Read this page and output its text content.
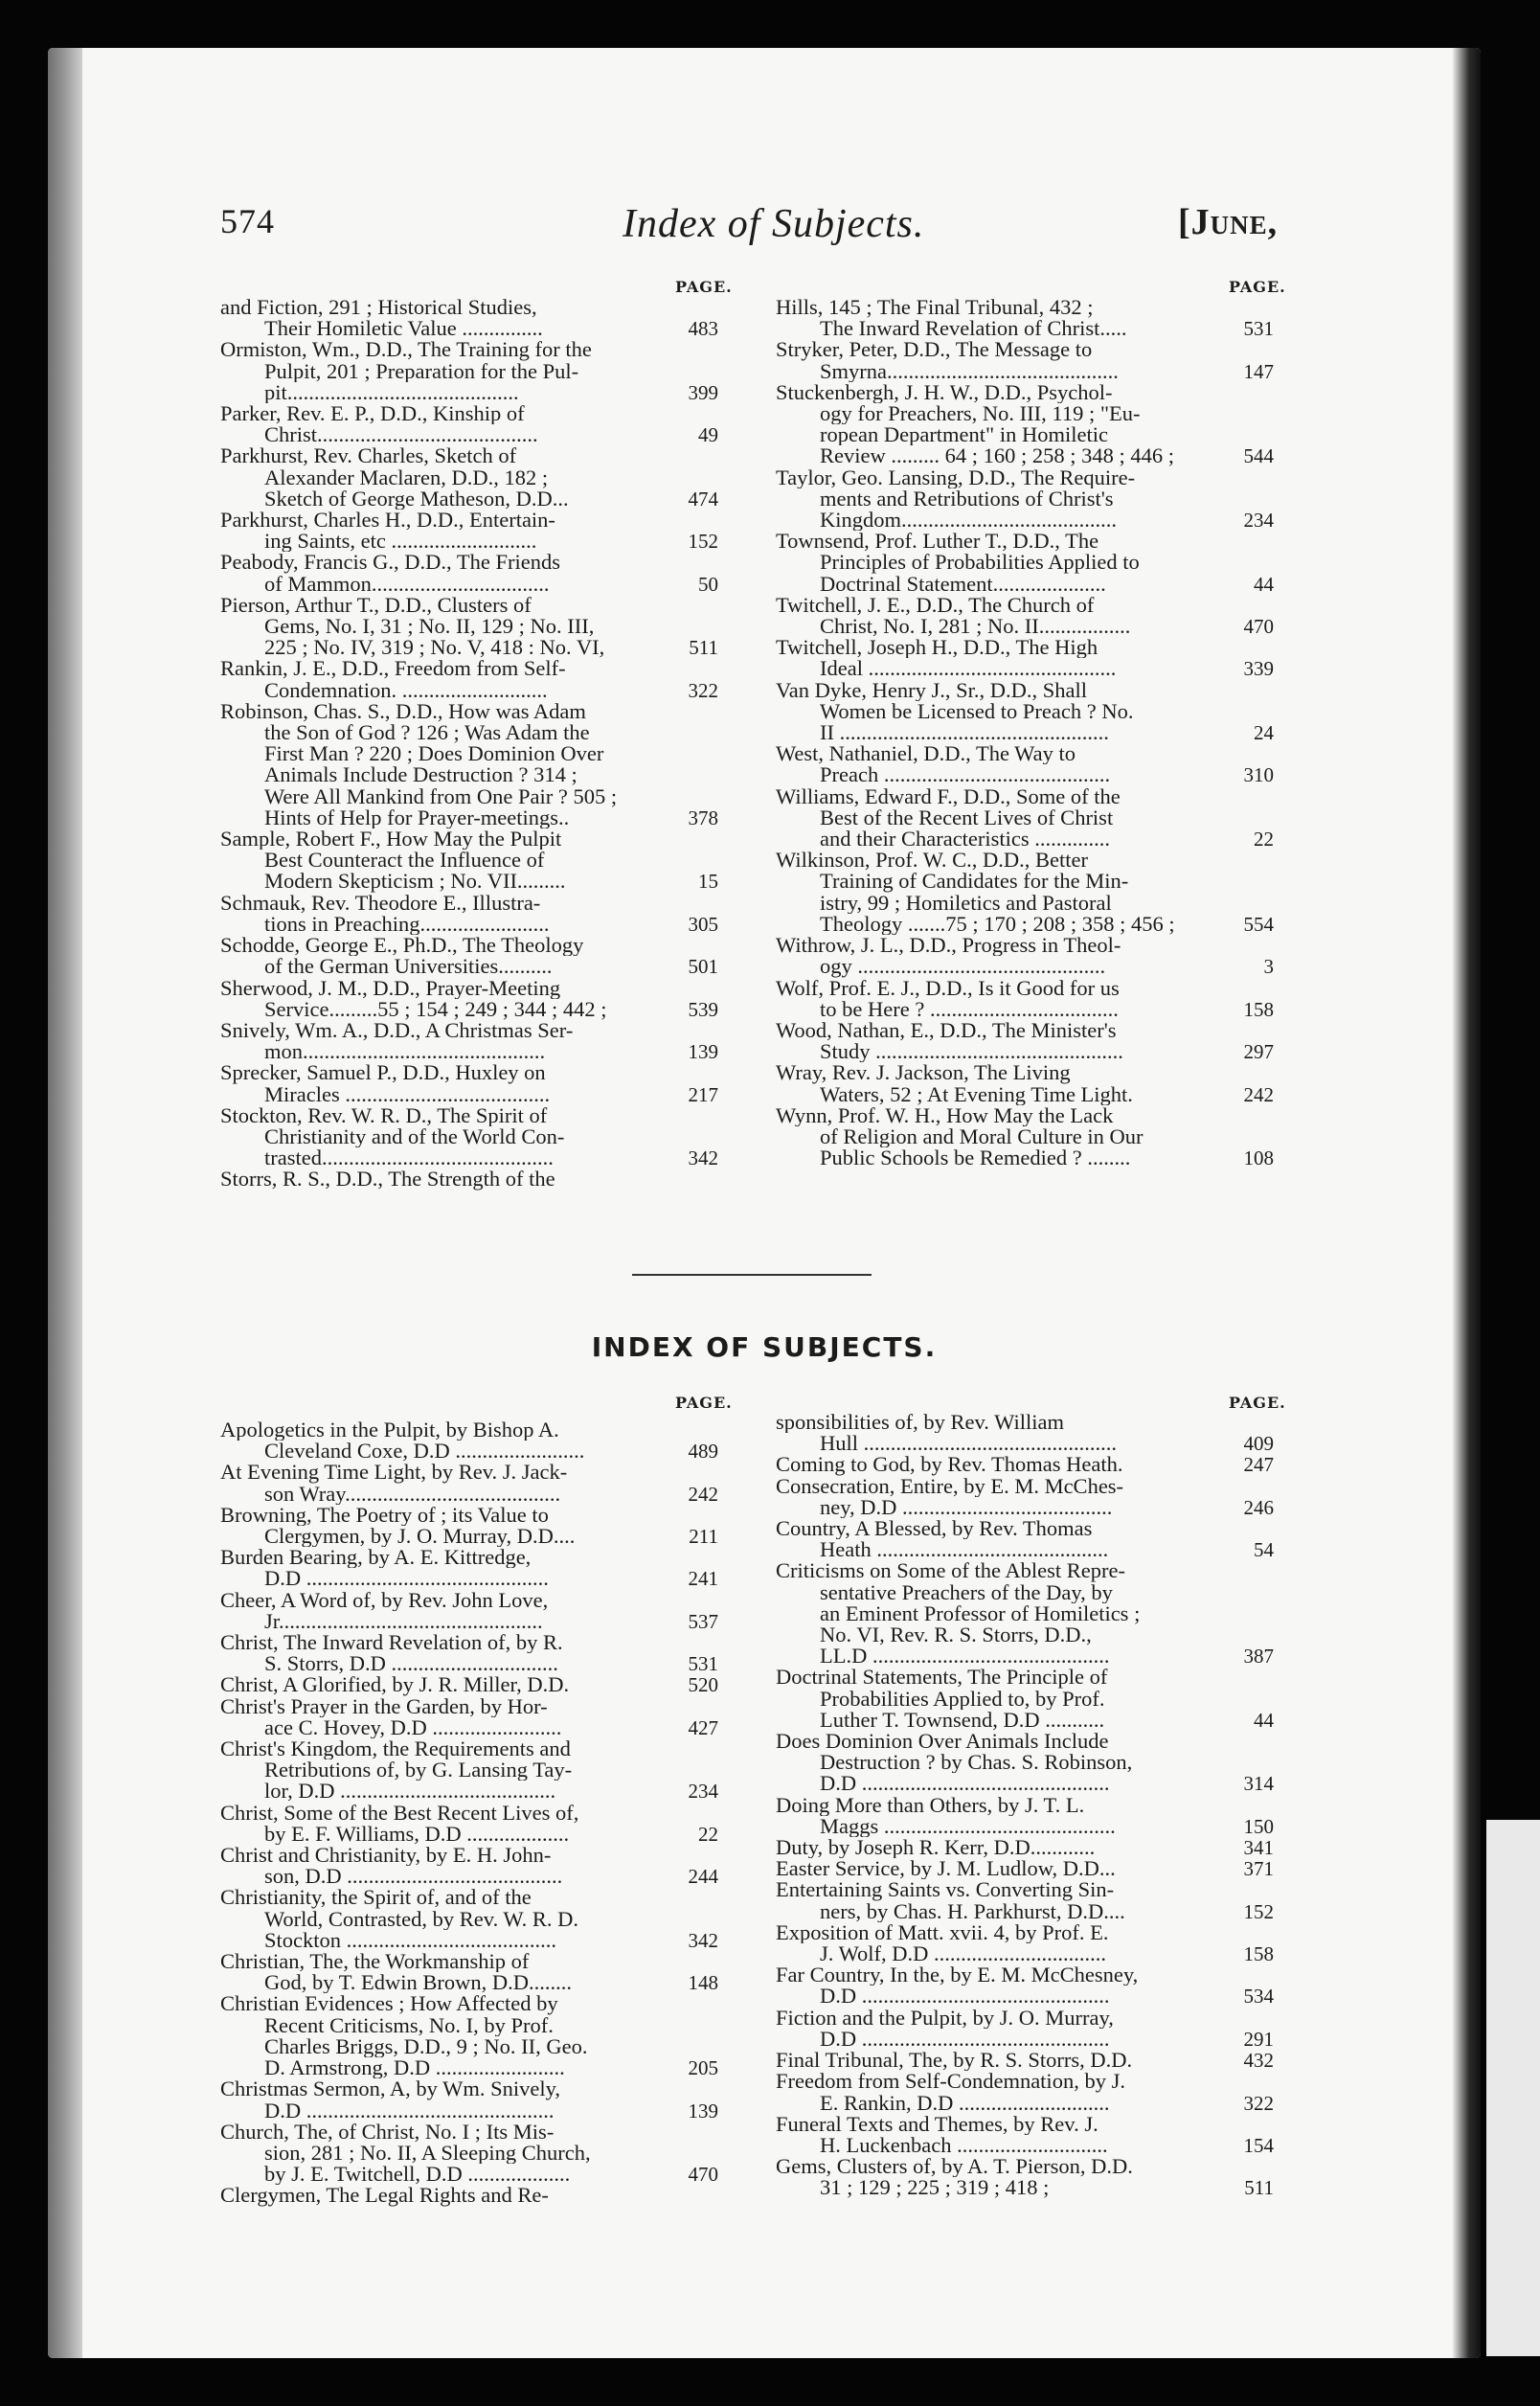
574	Index of Subjects.	[June,
PAGE.	PAGE.
and Fiction, 291 ; Historical Studies,
Their Homiletic Value ...............	483
Ormiston, Wm., D.D., The Training for the
Pulpit, 201 ; Preparation for the Pul-
pit...........................................	399
Parker, Rev. E. P., D.D., Kinship of
Christ.........................................	49
Parkhurst, Rev. Charles, Sketch of
Alexander Maclaren, D.D., 182 ;
Sketch of George Matheson, D.D...	474
Parkhurst, Charles H., D.D., Entertain-
ing Saints, etc ...........................	152
Peabody, Francis G., D.D., The Friends
of Mammon.................................	50
Pierson, Arthur T., D.D., Clusters of
Gems, No. I, 31 ; No. II, 129 ; No. III,
225 ; No. IV, 319 ; No. V, 418 : No. VI,	511
Rankin, J. E., D.D., Freedom from Self-
Condemnation. ...........................	322
Robinson, Chas. S., D.D., How was Adam
the Son of God ? 126 ; Was Adam the
First Man ? 220 ; Does Dominion Over
Animals Include Destruction ? 314 ;
Were All Mankind from One Pair ? 505 ;
Hints of Help for Prayer-meetings..	378
Sample, Robert F., How May the Pulpit
Best Counteract the Influence of
Modern Skepticism ; No. VII.........	15
Schmauk, Rev. Theodore E., Illustra-
tions in Preaching........................	305
Schodde, George E., Ph.D., The Theology
of the German Universities..........	501
Sherwood, J. M., D.D., Prayer-Meeting
Service.........55 ; 154 ; 249 ; 344 ; 442 ;	539
Snively, Wm. A., D.D., A Christmas Ser-
mon.............................................	139
Sprecker, Samuel P., D.D., Huxley on
Miracles ......................................	217
Stockton, Rev. W. R. D., The Spirit of
Christianity and of the World Con-
trasted...........................................	342
Storrs, R. S., D.D., The Strength of the
Hills, 145 ; The Final Tribunal, 432 ;
The Inward Revelation of Christ.....	531
Stryker, Peter, D.D., The Message to
Smyrna...........................................	147
Stuckenbergh, J. H. W., D.D., Psychol-
ogy for Preachers, No. III, 119 ; "Eu-
ropean Department" in Homiletic
Review ......... 64 ; 160 ; 258 ; 348 ; 446 ;	544
Taylor, Geo. Lansing, D.D., The Require-
ments and Retributions of Christ's
Kingdom........................................	234
Townsend, Prof. Luther T., D.D., The
Principles of Probabilities Applied to
Doctrinal Statement.....................	44
Twitchell, J. E., D.D., The Church of
Christ, No. I, 281 ; No. II.................	470
Twitchell, Joseph H., D.D., The High
Ideal ..............................................	339
Van Dyke, Henry J., Sr., D.D., Shall
Women be Licensed to Preach ? No.
II ..................................................	24
West, Nathaniel, D.D., The Way to
Preach ..........................................	310
Williams, Edward F., D.D., Some of the
Best of the Recent Lives of Christ
and their Characteristics ..............	22
Wilkinson, Prof. W. C., D.D., Better
Training of Candidates for the Min-
istry, 99 ; Homiletics and Pastoral
Theology .......75 ; 170 ; 208 ; 358 ; 456 ;	554
Withrow, J. L., D.D., Progress in Theol-
ogy ..............................................	3
Wolf, Prof. E. J., D.D., Is it Good for us
to be Here ? ...................................	158
Wood, Nathan, E., D.D., The Minister's
Study ..............................................	297
Wray, Rev. J. Jackson, The Living
Waters, 52 ; At Evening Time Light.	242
Wynn, Prof. W. H., How May the Lack
of Religion and Moral Culture in Our
Public Schools be Remedied ? ........	108
INDEX OF SUBJECTS.
PAGE.	PAGE.
Apologetics in the Pulpit, by Bishop A.
Cleveland Coxe, D.D ........................	489
At Evening Time Light, by Rev. J. Jack-
son Wray........................................	242
Browning, The Poetry of ; its Value to
Clergymen, by J. O. Murray, D.D....	211
Burden Bearing, by A. E. Kittredge,
D.D .............................................	241
Cheer, A Word of, by Rev. John Love,
Jr.................................................	537
Christ, The Inward Revelation of, by R.
S. Storrs, D.D ...............................	531
Christ, A Glorified, by J. R. Miller, D.D.	520
Christ's Prayer in the Garden, by Hor-
ace C. Hovey, D.D ........................	427
Christ's Kingdom, the Requirements and
Retributions of, by G. Lansing Tay-
lor, D.D ........................................	234
Christ, Some of the Best Recent Lives of,
by E. F. Williams, D.D ...................	22
Christ and Christianity, by E. H. John-
son, D.D ........................................	244
Christianity, the Spirit of, and of the
World, Contrasted, by Rev. W. R. D.
Stockton .......................................	342
Christian, The, the Workmanship of
God, by T. Edwin Brown, D.D........	148
Christian Evidences ; How Affected by
Recent Criticisms, No. I, by Prof.
Charles Briggs, D.D., 9 ; No. II, Geo.
D. Armstrong, D.D ........................	205
Christmas Sermon, A, by Wm. Snively,
D.D ..............................................	139
Church, The, of Christ, No. I ; Its Mis-
sion, 281 ; No. II, A Sleeping Church,
by J. E. Twitchell, D.D ...................	470
Clergymen, The Legal Rights and Re-
sponsibilities of, by Rev. William
Hull ...............................................	409
Coming to God, by Rev. Thomas Heath.	247
Consecration, Entire, by E. M. McChes-
ney, D.D .......................................	246
Country, A Blessed, by Rev. Thomas
Heath ...........................................	54
Criticisms on Some of the Ablest Repre-
sentative Preachers of the Day, by
an Eminent Professor of Homiletics ;
No. VI, Rev. R. S. Storrs, D.D.,
LL.D ............................................	387
Doctrinal Statements, The Principle of
Probabilities Applied to, by Prof.
Luther T. Townsend, D.D ...........	44
Does Dominion Over Animals Include
Destruction ? by Chas. S. Robinson,
D.D ..............................................	314
Doing More than Others, by J. T. L.
Maggs ...........................................	150
Duty, by Joseph R. Kerr, D.D............	341
Easter Service, by J. M. Ludlow, D.D...	371
Entertaining Saints vs. Converting Sin-
ners, by Chas. H. Parkhurst, D.D....	152
Exposition of Matt. xvii. 4, by Prof. E.
J. Wolf, D.D ................................	158
Far Country, In the, by E. M. McChesney,
D.D ..............................................	534
Fiction and the Pulpit, by J. O. Murray,
D.D ..............................................	291
Final Tribunal, The, by R. S. Storrs, D.D.	432
Freedom from Self-Condemnation, by J.
E. Rankin, D.D ............................	322
Funeral Texts and Themes, by Rev. J.
H. Luckenbach ............................	154
Gems, Clusters of, by A. T. Pierson, D.D.
31 ; 129 ; 225 ; 319 ; 418 ;	511
